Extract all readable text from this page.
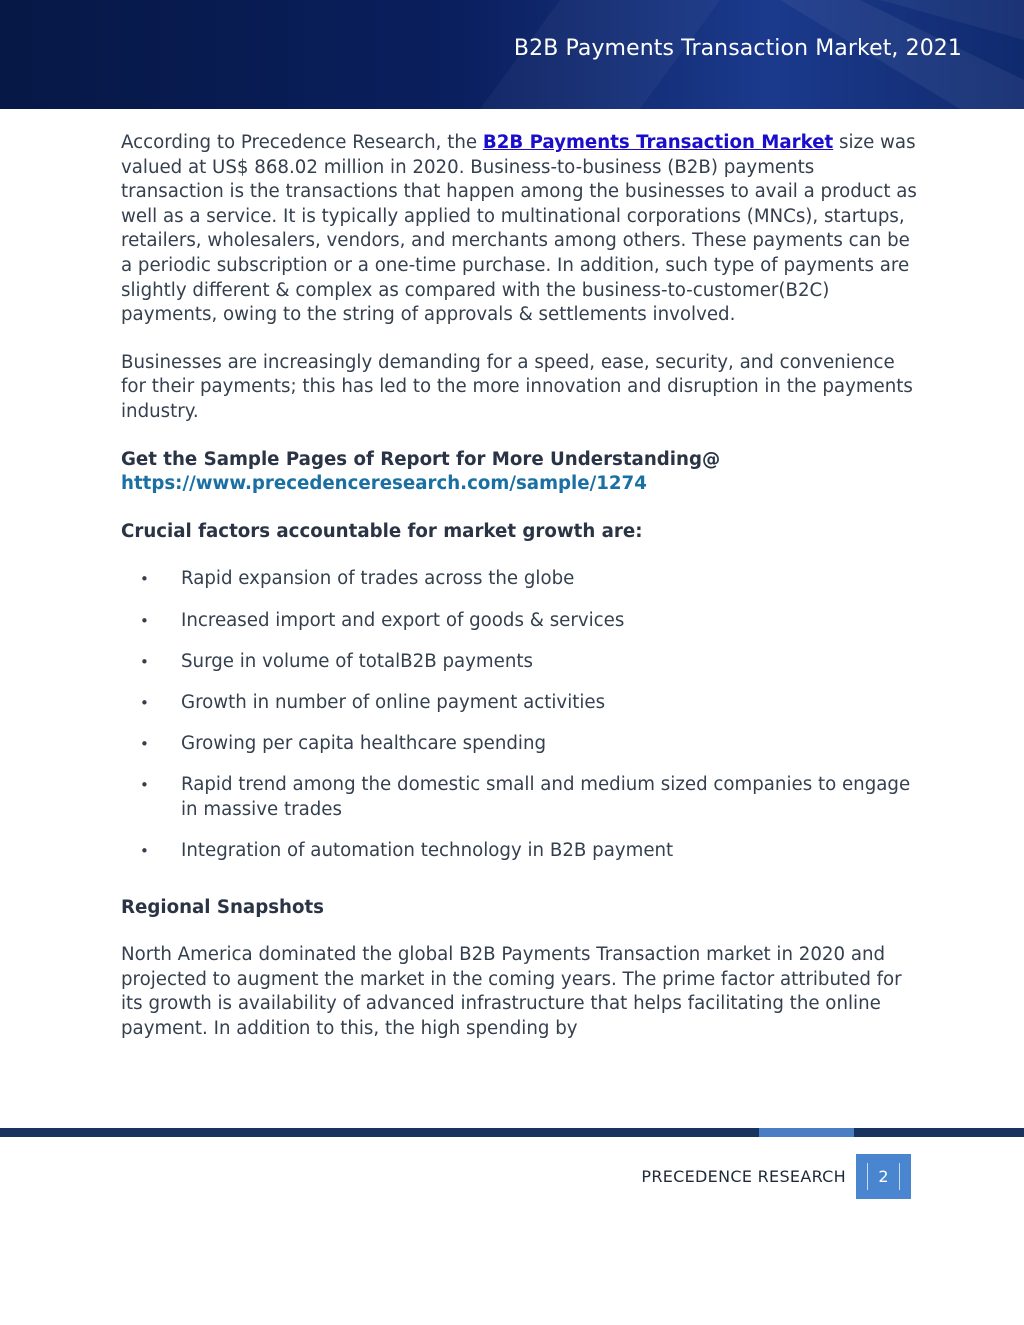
B2B Payments Transaction Market, 2021

According to Precedence Research, the B2B Payments Transaction Market size was valued at US$ 868.02 million in 2020. Business-to-business (B2B) payments transaction is the transactions that happen among the businesses to avail a product as well as a service. It is typically applied to multinational corporations (MNCs), startups, retailers, wholesalers, vendors, and merchants among others. These payments can be a periodic subscription or a one-time purchase. In addition, such type of payments are slightly different & complex as compared with the business-to-customer(B2C) payments, owing to the string of approvals & settlements involved.

Businesses are increasingly demanding for a speed, ease, security, and convenience for their payments; this has led to the more innovation and disruption in the payments industry.

Get the Sample Pages of Report for More Understanding@ https://www.precedenceresearch.com/sample/1274

Crucial factors accountable for market growth are:

• Rapid expansion of trades across the globe
• Increased import and export of goods & services
• Surge in volume of totalB2B payments
• Growth in number of online payment activities
• Growing per capita healthcare spending
• Rapid trend among the domestic small and medium sized companies to engage in massive trades
• Integration of automation technology in B2B payment

Regional Snapshots

North America dominated the global B2B Payments Transaction market in 2020 and projected to augment the market in the coming years. The prime factor attributed for its growth is availability of advanced infrastructure that helps facilitating the online payment. In addition to this, the high spending by

PRECEDENCE RESEARCH	2
